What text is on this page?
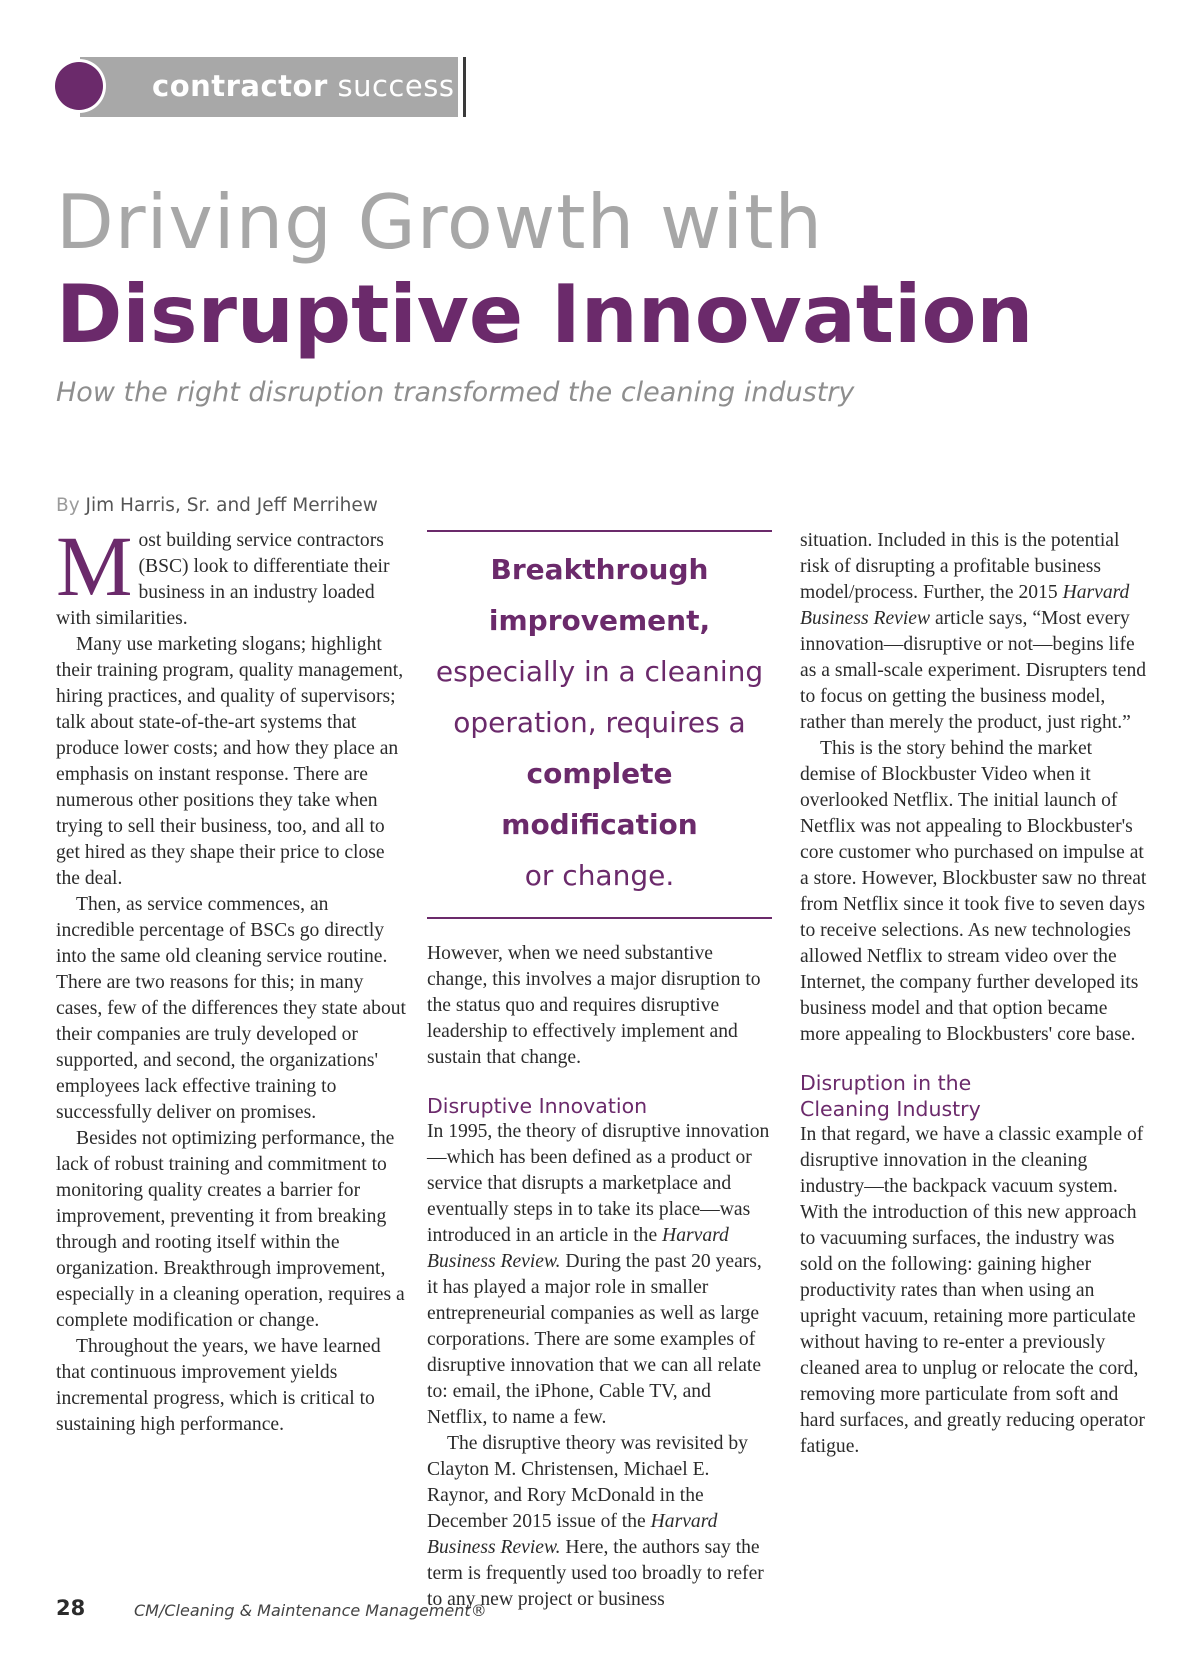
contractor success
Driving Growth with
Disruptive Innovation
How the right disruption transformed the cleaning industry
By Jim Harris, Sr. and Jeff Merrihew

Most building service contractors (BSC) look to differentiate their business in an industry loaded with similarities.

Many use marketing slogans; highlight their training program, quality management, hiring practices, and quality of supervisors; talk about state-of-the-art systems that produce lower costs; and how they place an emphasis on instant response. There are numerous other positions they take when trying to sell their business, too, and all to get hired as they shape their price to close the deal.

Then, as service commences, an incredible percentage of BSCs go directly into the same old cleaning service routine. There are two reasons for this; in many cases, few of the differences they state about their companies are truly developed or supported, and second, the organizations' employees lack effective training to successfully deliver on promises.

Besides not optimizing performance, the lack of robust training and commitment to monitoring quality creates a barrier for improvement, preventing it from breaking through and rooting itself within the organization. Breakthrough improvement, especially in a cleaning operation, requires a complete modification or change.

Throughout the years, we have learned that continuous improvement yields incremental progress, which is critical to sustaining high performance.

Breakthrough
improvement,
especially in a cleaning
operation, requires a
complete modification
or change.

However, when we need substantive change, this involves a major disruption to the status quo and requires disruptive leadership to effectively implement and sustain that change.

Disruptive Innovation

In 1995, the theory of disruptive innovation—which has been defined as a product or service that disrupts a marketplace and eventually steps in to take its place—was introduced in an article in the Harvard Business Review. During the past 20 years, it has played a major role in smaller entrepreneurial companies as well as large corporations. There are some examples of disruptive innovation that we can all relate to: email, the iPhone, Cable TV, and Netflix, to name a few.

The disruptive theory was revisited by Clayton M. Christensen, Michael E. Raynor, and Rory McDonald in the December 2015 issue of the Harvard Business Review. Here, the authors say the term is frequently used too broadly to refer to any new project or business

situation. Included in this is the potential risk of disrupting a profitable business model/process. Further, the 2015 Harvard Business Review article says, “Most every innovation—disruptive or not—begins life as a small-scale experiment. Disrupters tend to focus on getting the business model, rather than merely the product, just right.”

This is the story behind the market demise of Blockbuster Video when it overlooked Netflix. The initial launch of Netflix was not appealing to Blockbuster's core customer who purchased on impulse at a store. However, Blockbuster saw no threat from Netflix since it took five to seven days to receive selections. As new technologies allowed Netflix to stream video over the Internet, the company further developed its business model and that option became more appealing to Blockbusters' core base.

Disruption in the
Cleaning Industry

In that regard, we have a classic example of disruptive innovation in the cleaning industry—the backpack vacuum system. With the introduction of this new approach to vacuuming surfaces, the industry was sold on the following: gaining higher productivity rates than when using an upright vacuum, retaining more particulate without having to re-enter a previously cleaned area to unplug or relocate the cord, removing more particulate from soft and hard surfaces, and greatly reducing operator fatigue.

28	CM/Cleaning & Maintenance Management®
